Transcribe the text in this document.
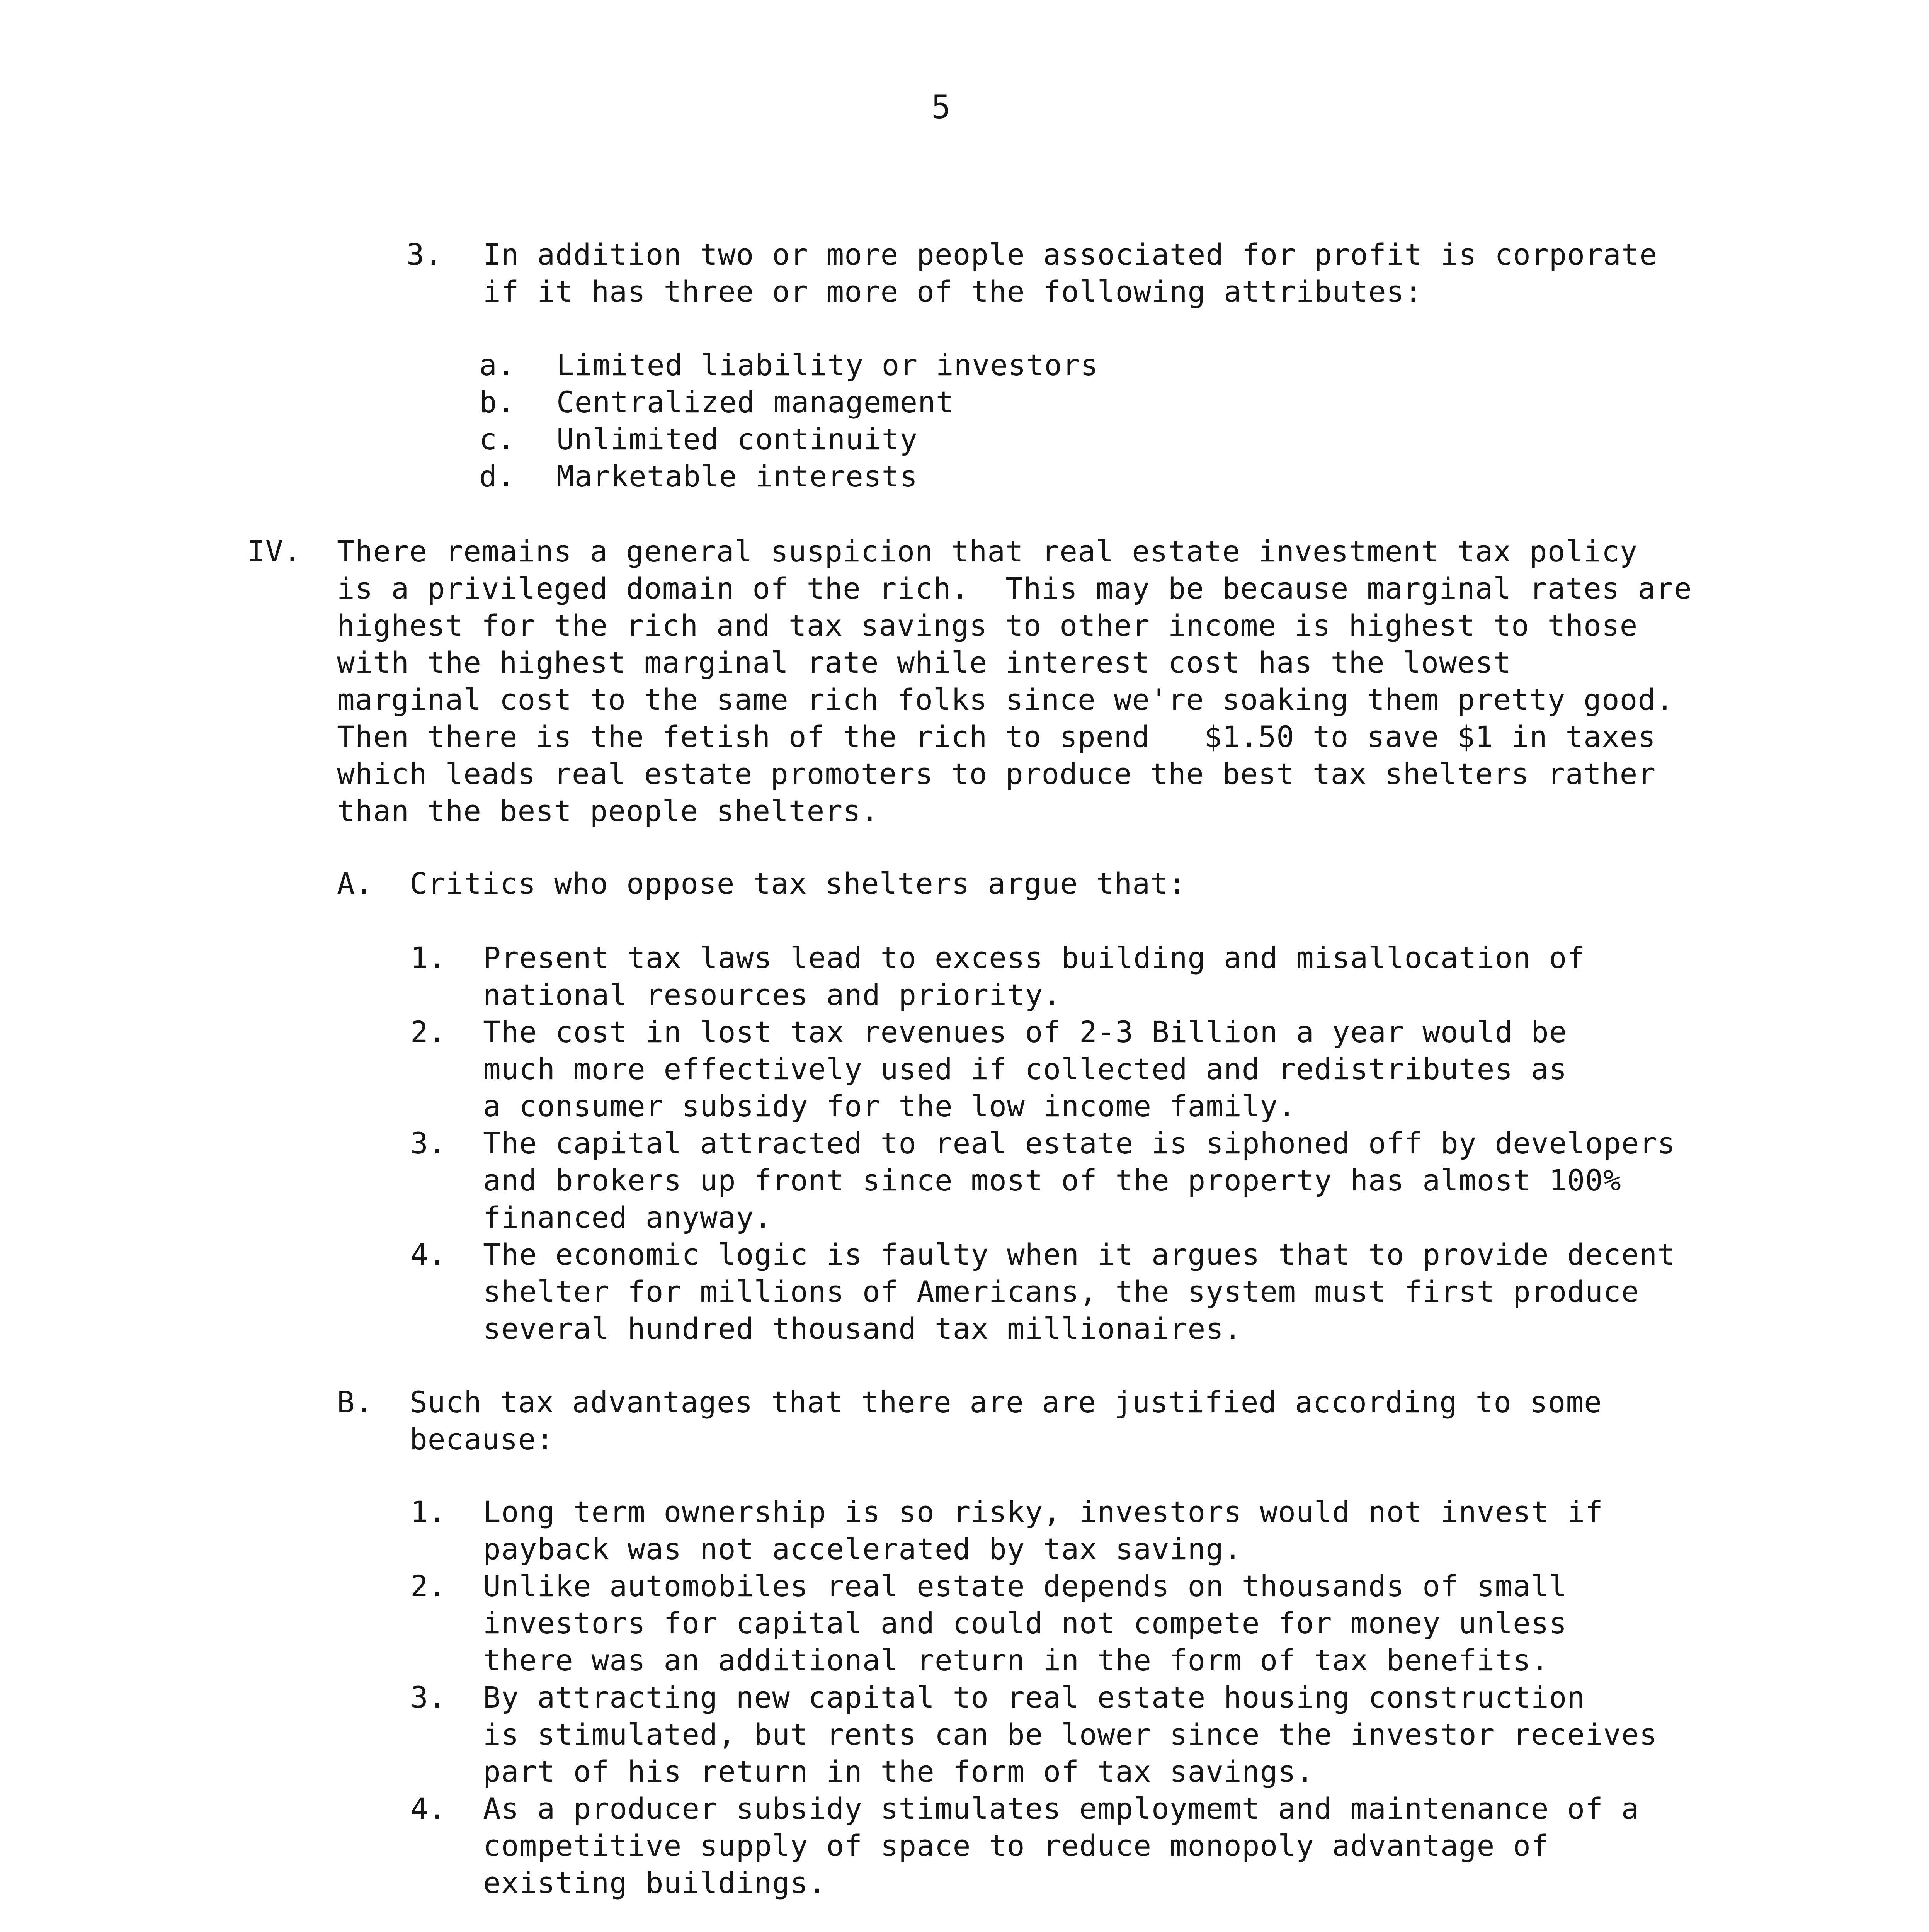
5
3. In addition two or more people associated for profit is corporate
if it has three or more of the following attributes:
a. Limited liability or investors
b. Centralized management
c. Unlimited continuity
d. Marketable interests
IV. There remains a general suspicion that real estate investment tax policy
is a privileged domain of the rich.  This may be because marginal rates are
highest for the rich and tax savings to other income is highest to those
with the highest marginal rate while interest cost has the lowest
marginal cost to the same rich folks since we're soaking them pretty good.
Then there is the fetish of the rich to spend   $1.50 to save $1 in taxes
which leads real estate promoters to produce the best tax shelters rather
than the best people shelters.
A. Critics who oppose tax shelters argue that:
1. Present tax laws lead to excess building and misallocation of
national resources and priority.
2. The cost in lost tax revenues of 2-3 Billion a year would be
much more effectively used if collected and redistributes as
a consumer subsidy for the low income family.
3. The capital attracted to real estate is siphoned off by developers
and brokers up front since most of the property has almost 100%
financed anyway.
4. The economic logic is faulty when it argues that to provide decent
shelter for millions of Americans, the system must first produce
several hundred thousand tax millionaires.
B. Such tax advantages that there are are justified according to some
because:
1. Long term ownership is so risky, investors would not invest if
payback was not accelerated by tax saving.
2. Unlike automobiles real estate depends on thousands of small
investors for capital and could not compete for money unless
there was an additional return in the form of tax benefits.
3. By attracting new capital to real estate housing construction
is stimulated, but rents can be lower since the investor receives
part of his return in the form of tax savings.
4. As a producer subsidy stimulates employmemt and maintenance of a
competitive supply of space to reduce monopoly advantage of
existing buildings.
